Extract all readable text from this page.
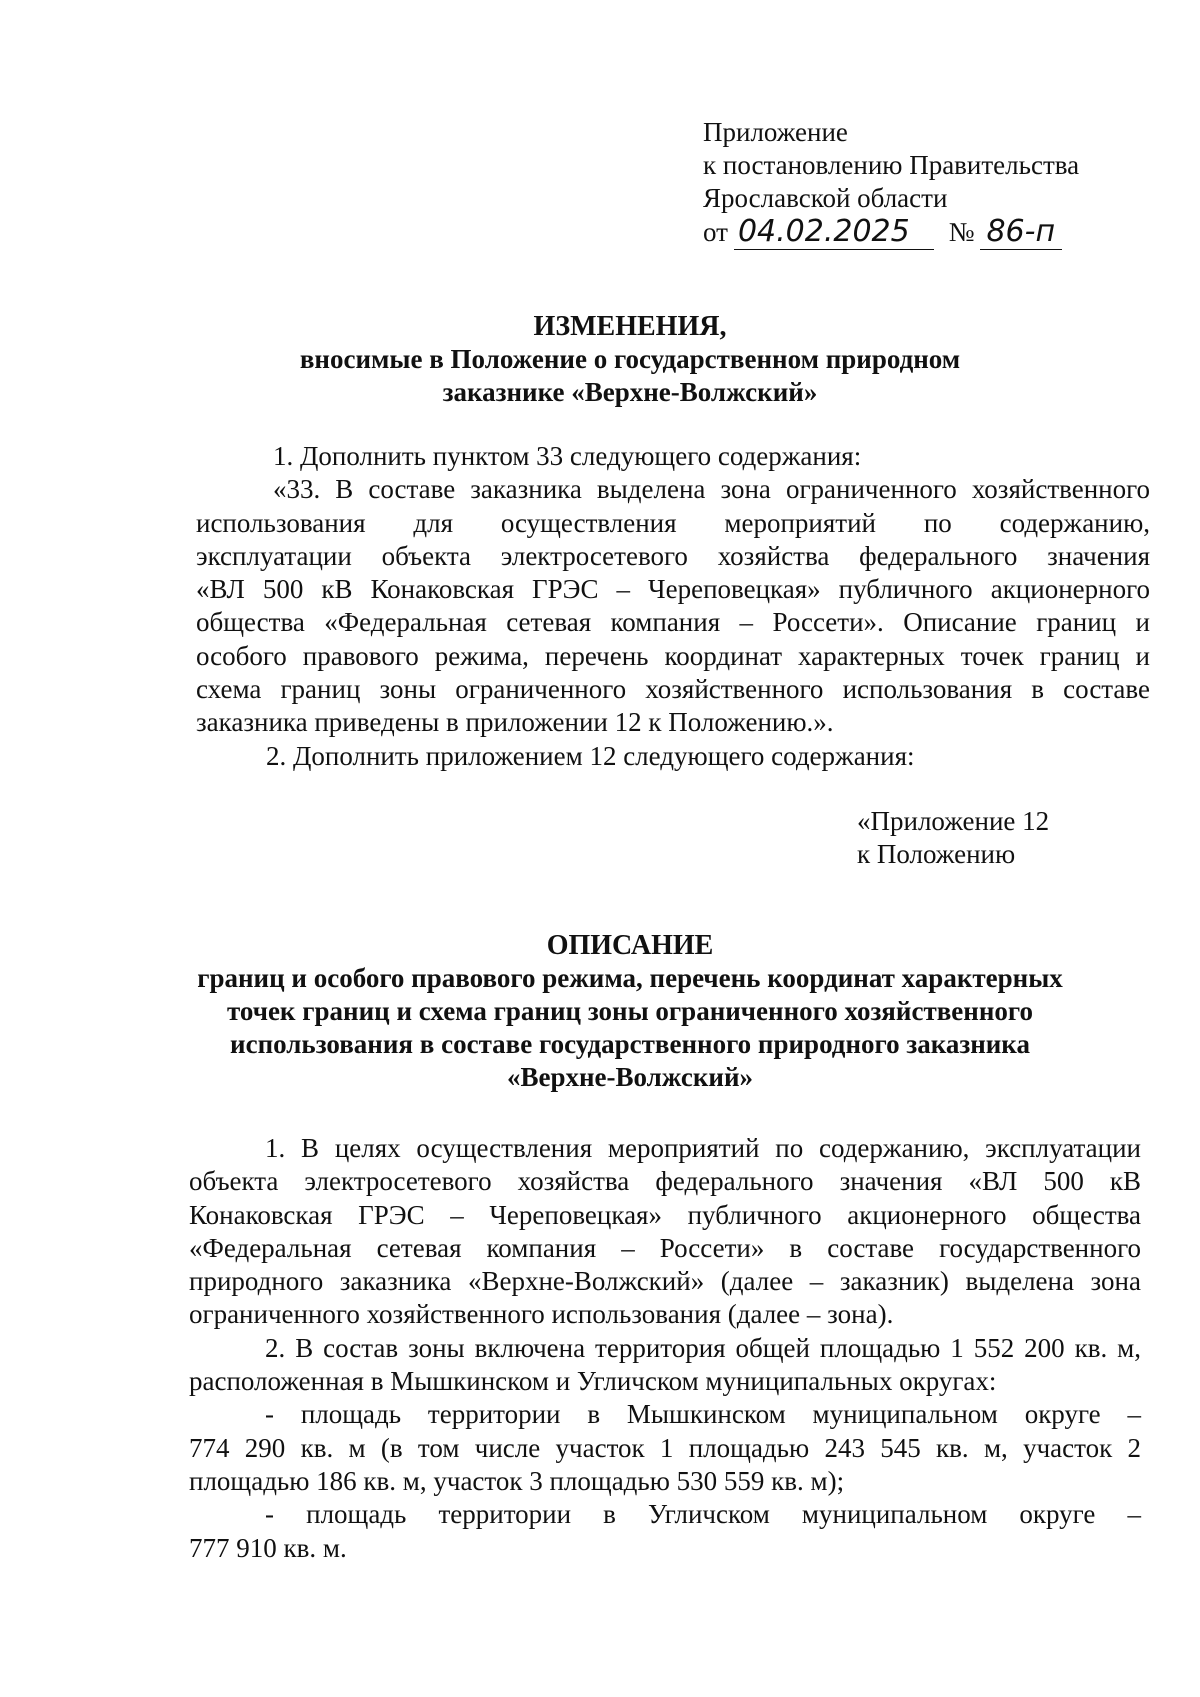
Приложение
к постановлению Правительства
Ярославской области
от 04.02.2025 № 86-п
ИЗМЕНЕНИЯ,
вносимые в Положение о государственном природном
заказнике «Верхне-Волжский»
1. Дополнить пунктом 33 следующего содержания:
«33. В составе заказника выделена зона ограниченного хозяйственного
использования для осуществления мероприятий по содержанию,
эксплуатации объекта электросетевого хозяйства федерального значения
«ВЛ 500 кВ Конаковская ГРЭС – Череповецкая» публичного акционерного
общества «Федеральная сетевая компания – Россети». Описание границ и
особого правового режима, перечень координат характерных точек границ и
схема границ зоны ограниченного хозяйственного использования в составе
заказника приведены в приложении 12 к Положению.».
2. Дополнить приложением 12 следующего содержания:
«Приложение 12
к Положению
ОПИСАНИЕ
границ и особого правового режима, перечень координат характерных
точек границ и схема границ зоны ограниченного хозяйственного
использования в составе государственного природного заказника
«Верхне-Волжский»
1. В целях осуществления мероприятий по содержанию, эксплуатации
объекта электросетевого хозяйства федерального значения «ВЛ 500 кВ
Конаковская ГРЭС – Череповецкая» публичного акционерного общества
«Федеральная сетевая компания – Россети» в составе государственного
природного заказника «Верхне-Волжский» (далее – заказник) выделена зона
ограниченного хозяйственного использования (далее – зона).
2. В состав зоны включена территория общей площадью 1 552 200 кв. м,
расположенная в Мышкинском и Угличском муниципальных округах:
- площадь территории в Мышкинском муниципальном округе –
774 290 кв. м (в том числе участок 1 площадью 243 545 кв. м, участок 2
площадью 186 кв. м, участок 3 площадью 530 559 кв. м);
- площадь территории в Угличском муниципальном округе –
777 910 кв. м.
